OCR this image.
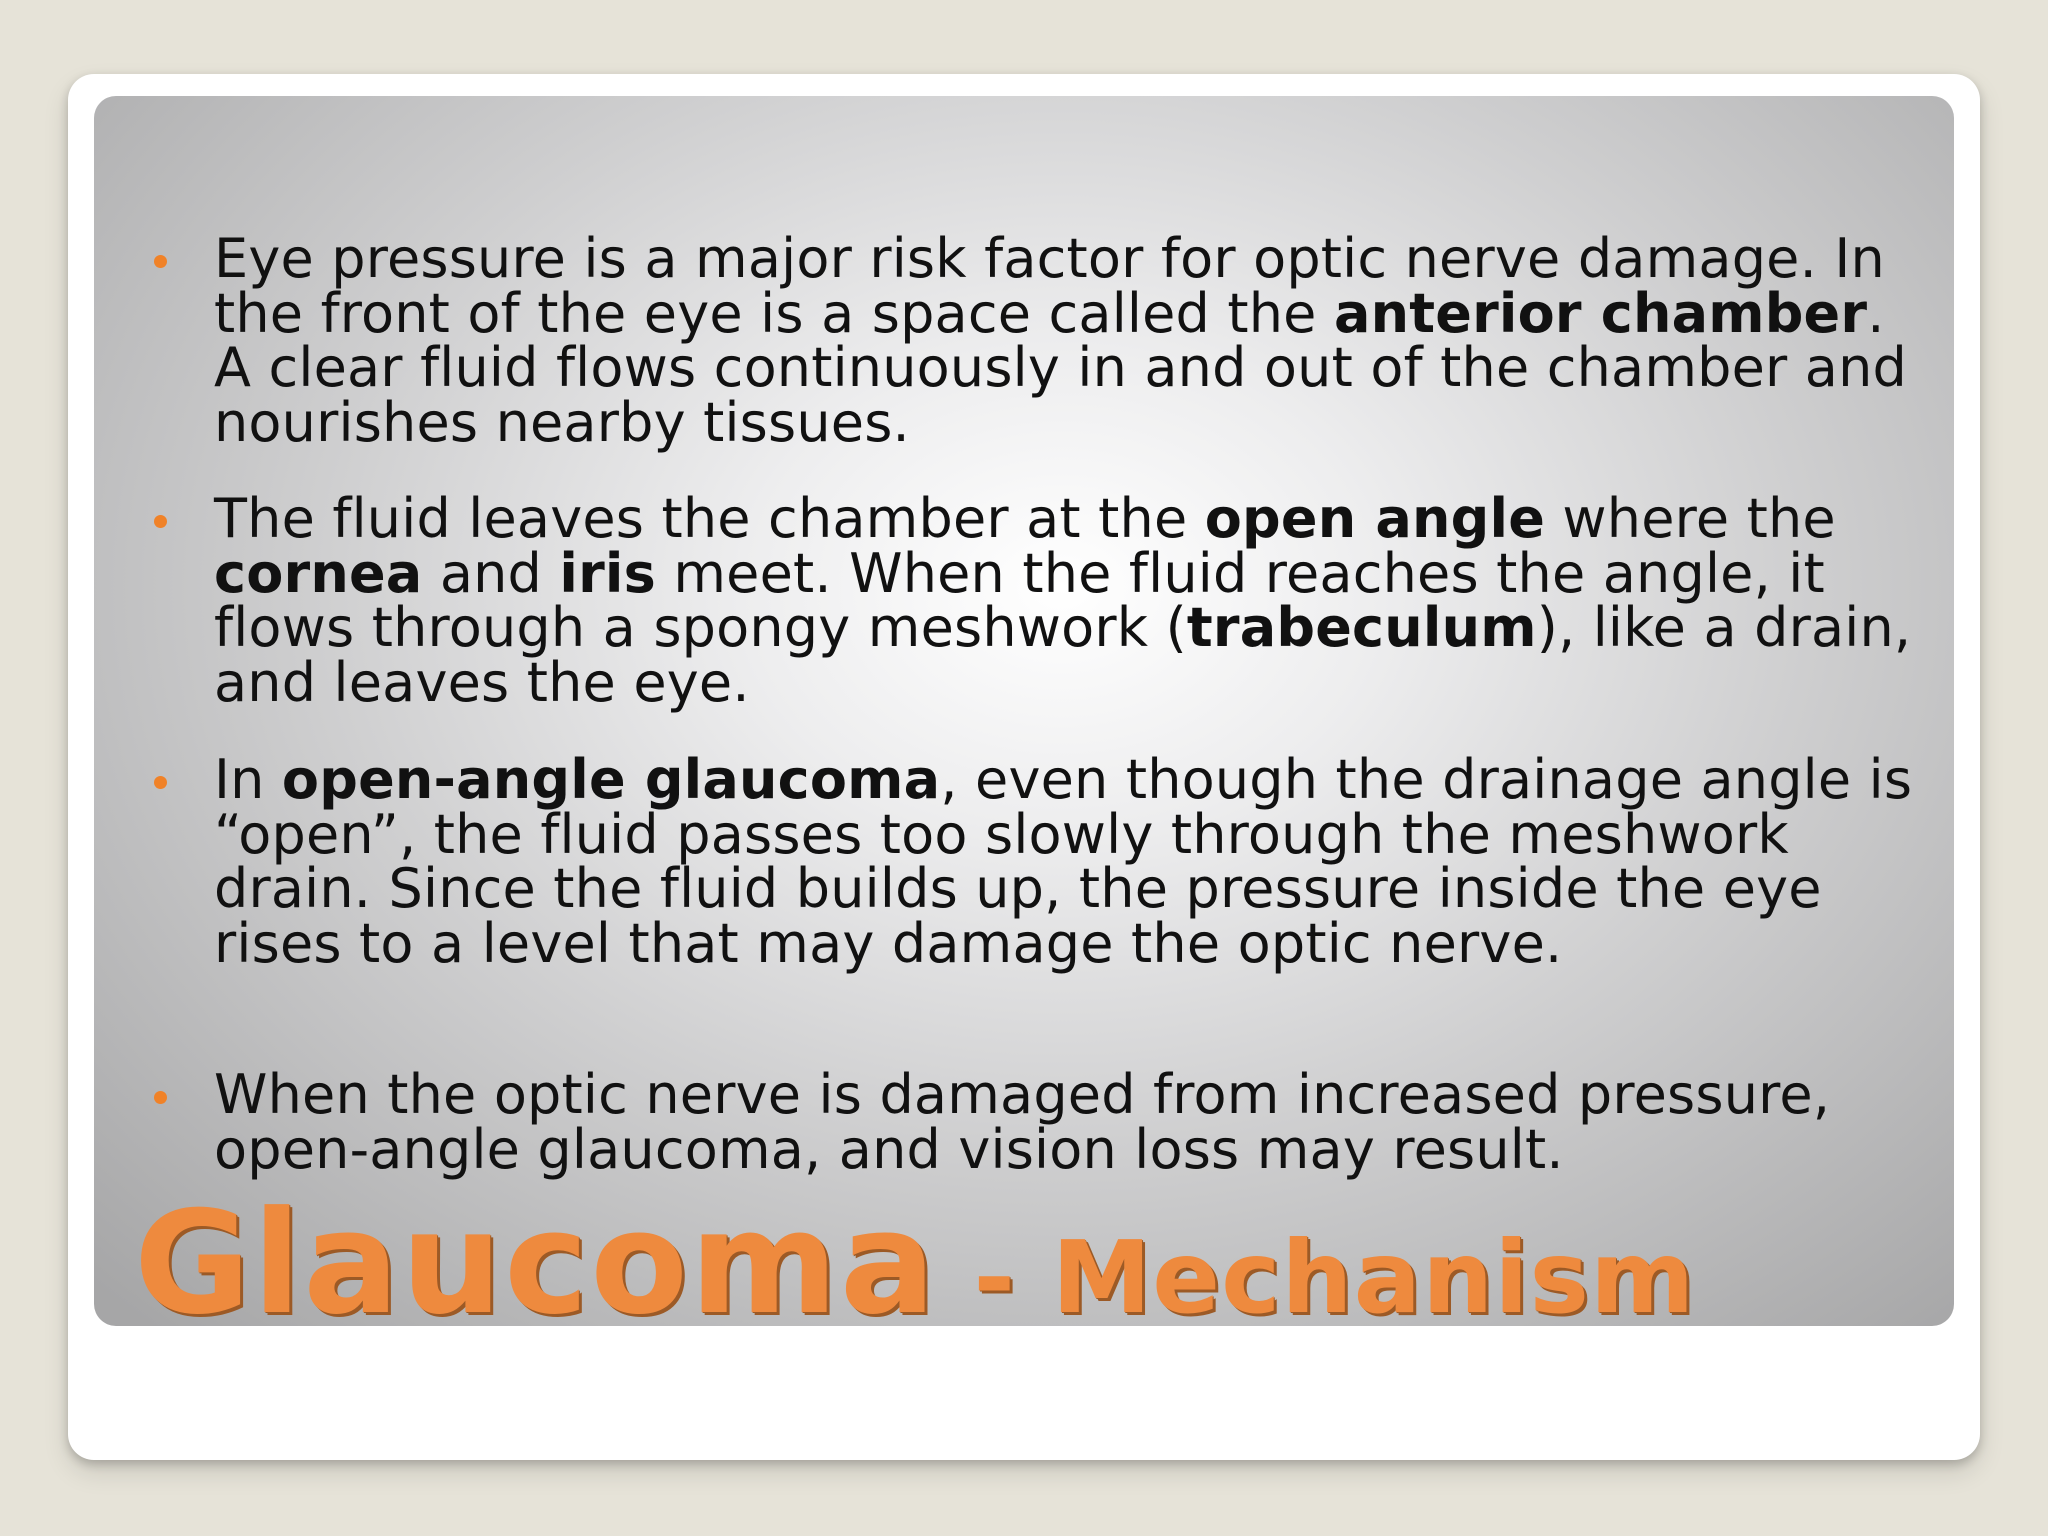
Eye pressure is a major risk factor for optic nerve damage. In the front of the eye is a space called the anterior chamber. A clear fluid flows continuously in and out of the chamber and nourishes nearby tissues.
The fluid leaves the chamber at the open angle where the cornea and iris meet. When the fluid reaches the angle, it flows through a spongy meshwork (trabeculum), like a drain, and leaves the eye.
In open-angle glaucoma, even though the drainage angle is “open”, the fluid passes too slowly through the meshwork drain. Since the fluid builds up, the pressure inside the eye rises to a level that may damage the optic nerve.
When the optic nerve is damaged from increased pressure, open-angle glaucoma, and vision loss may result.
Glaucoma - Mechanism
